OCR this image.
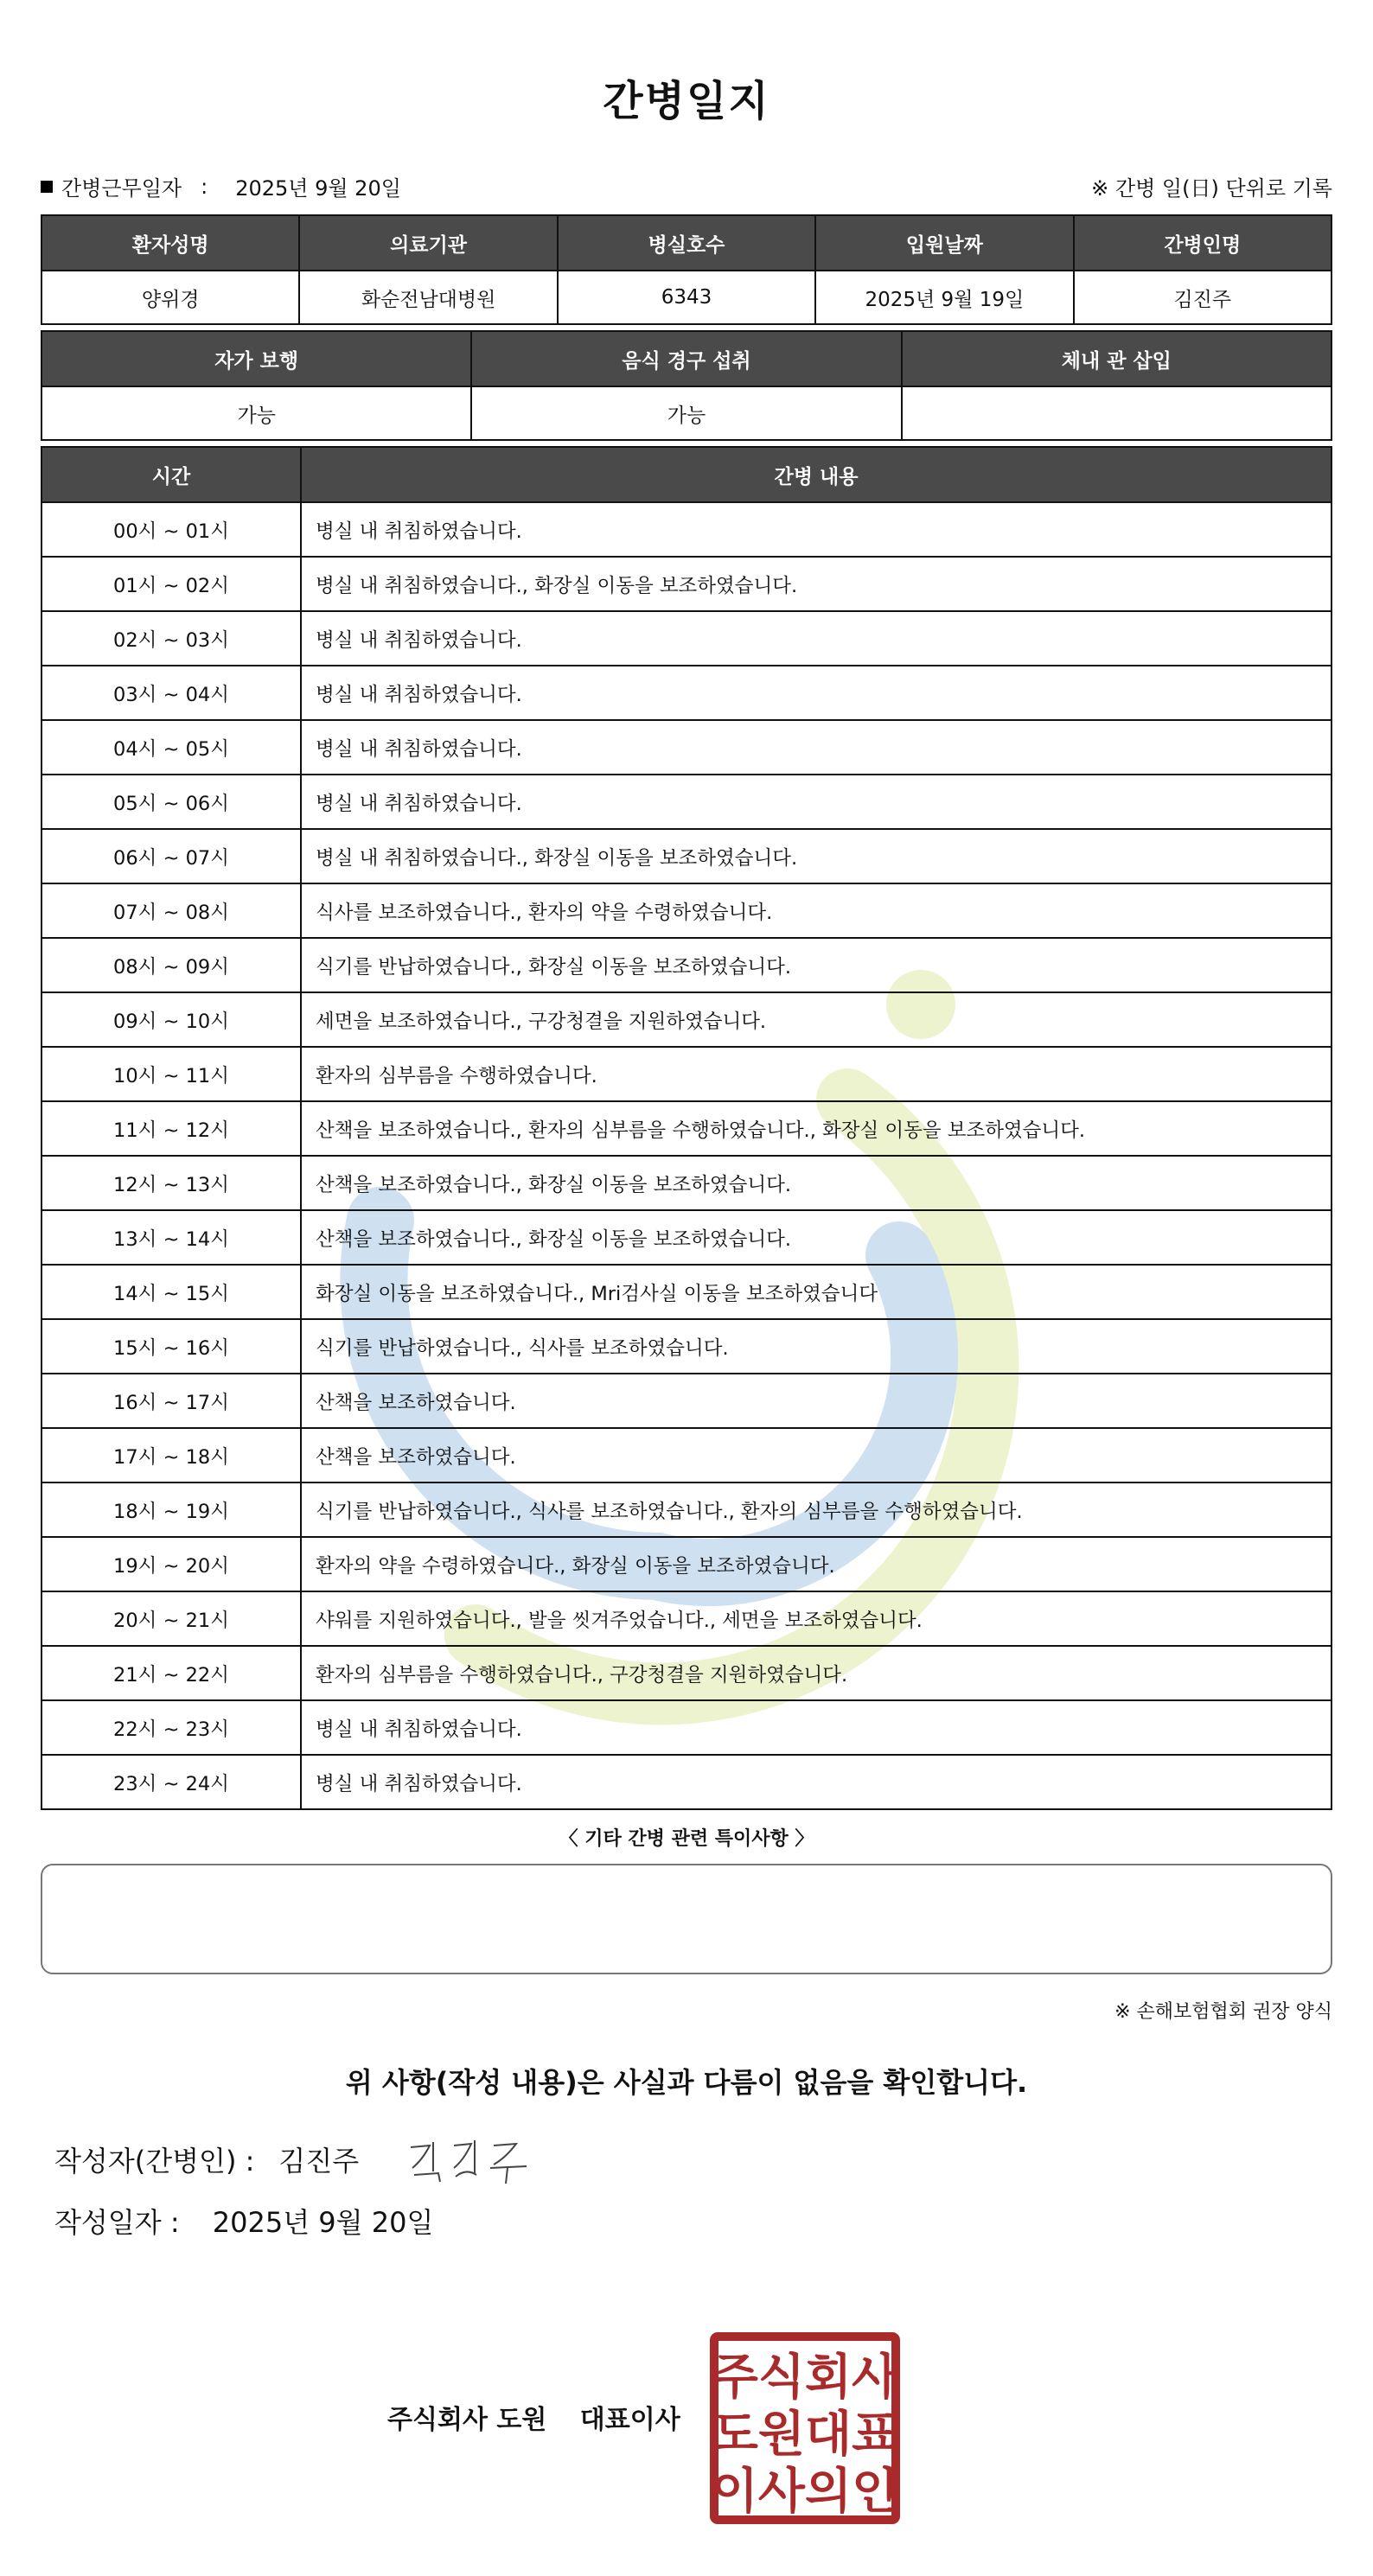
간병일지
간병근무일자 : 2025년 9월 20일	※ 간병 일(日) 단위로 기록
환자성명	의료기관	병실호수	입원날짜	간병인명
양위경	화순전남대병원	6343	2025년 9월 19일	김진주
자가 보행	음식 경구 섭취	체내 관 삽입
가능	가능	
시간	간병 내용
00시 ~ 01시	병실 내 취침하였습니다.
01시 ~ 02시	병실 내 취침하였습니다., 화장실 이동을 보조하였습니다.
02시 ~ 03시	병실 내 취침하였습니다.
03시 ~ 04시	병실 내 취침하였습니다.
04시 ~ 05시	병실 내 취침하였습니다.
05시 ~ 06시	병실 내 취침하였습니다.
06시 ~ 07시	병실 내 취침하였습니다., 화장실 이동을 보조하였습니다.
07시 ~ 08시	식사를 보조하였습니다., 환자의 약을 수령하였습니다.
08시 ~ 09시	식기를 반납하였습니다., 화장실 이동을 보조하였습니다.
09시 ~ 10시	세면을 보조하였습니다., 구강청결을 지원하였습니다.
10시 ~ 11시	환자의 심부름을 수행하였습니다.
11시 ~ 12시	산책을 보조하였습니다., 환자의 심부름을 수행하였습니다., 화장실 이동을 보조하였습니다.
12시 ~ 13시	산책을 보조하였습니다., 화장실 이동을 보조하였습니다.
13시 ~ 14시	산책을 보조하였습니다., 화장실 이동을 보조하였습니다.
14시 ~ 15시	화장실 이동을 보조하였습니다., Mri검사실 이동을 보조하였습니다
15시 ~ 16시	식기를 반납하였습니다., 식사를 보조하였습니다.
16시 ~ 17시	산책을 보조하였습니다.
17시 ~ 18시	산책을 보조하였습니다.
18시 ~ 19시	식기를 반납하였습니다., 식사를 보조하였습니다., 환자의 심부름을 수행하였습니다.
19시 ~ 20시	환자의 약을 수령하였습니다., 화장실 이동을 보조하였습니다.
20시 ~ 21시	샤워를 지원하였습니다., 발을 씻겨주었습니다., 세면을 보조하였습니다.
21시 ~ 22시	환자의 심부름을 수행하였습니다., 구강청결을 지원하였습니다.
22시 ~ 23시	병실 내 취침하였습니다.
23시 ~ 24시	병실 내 취침하였습니다.
〈 기타 간병 관련 특이사항 〉
※ 손해보험협회 권장 양식
위 사항(작성 내용)은 사실과 다름이 없음을 확인합니다.
작성자(간병인) : 김진주
작성일자 : 2025년 9월 20일
주식회사 도원 대표이사
주식회사
도원대표
이사의인
